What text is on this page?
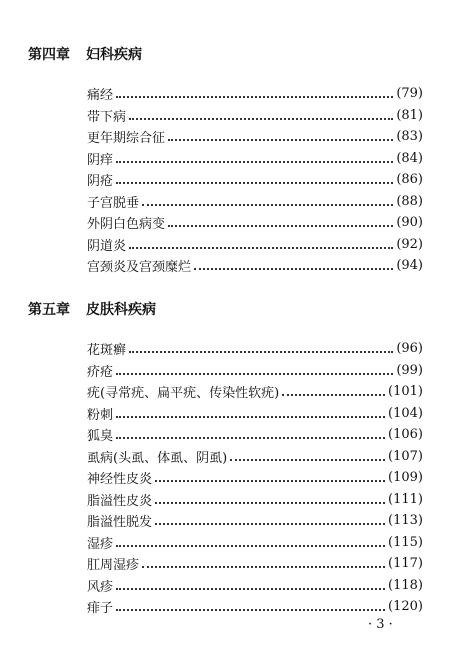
第四章 妇科疾病
痛经	(79)
带下病	(81)
更年期综合征	(83)
阴痒	(84)
阴疮	(86)
子宫脱垂	(88)
外阴白色病变	(90)
阴道炎	(92)
宫颈炎及宫颈糜烂	(94)
第五章 皮肤科疾病
花斑癣	(96)
疥疮	(99)
疣(寻常疣、扁平疣、传染性软疣)	(101)
粉刺	(104)
狐臭	(106)
虱病(头虱、体虱、阴虱)	(107)
神经性皮炎	(109)
脂溢性皮炎	(111)
脂溢性脱发	(113)
湿疹	(115)
肛周湿疹	(117)
风疹	(118)
痱子	(120)
· 3 ·
